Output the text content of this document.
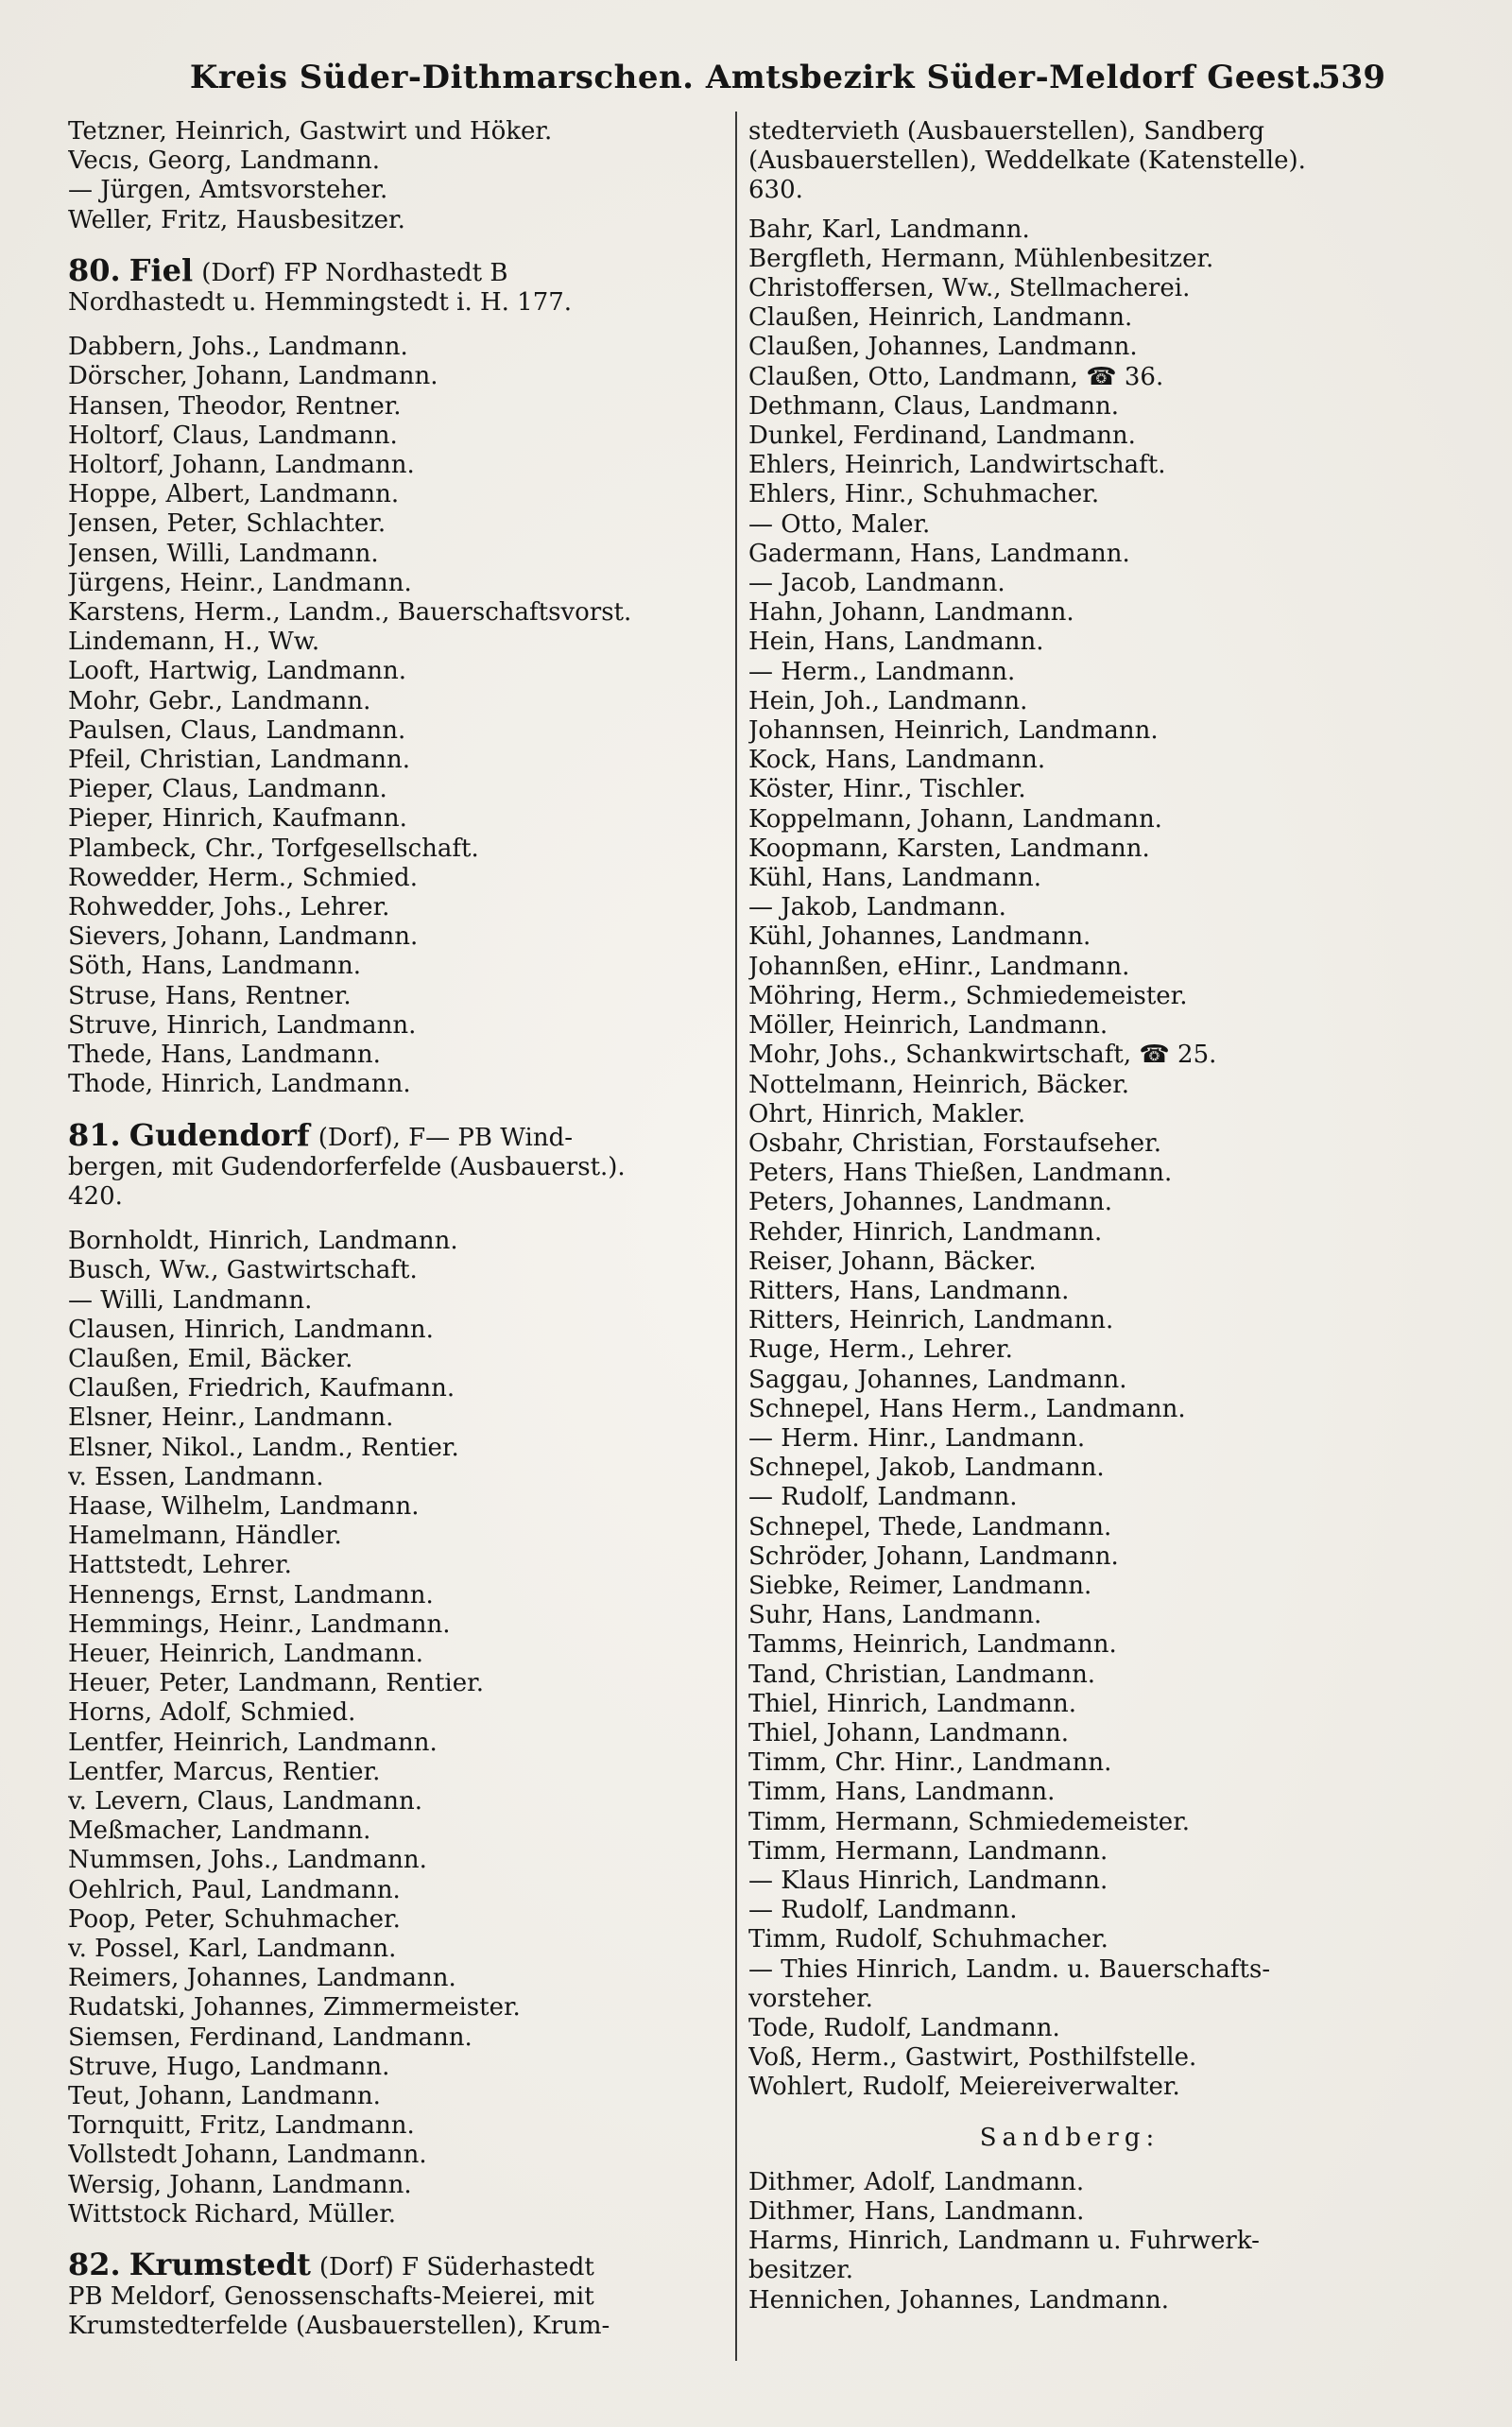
Kreis Süder-Dithmarschen. Amtsbezirk Süder-Meldorf Geest.
539
Tetzner, Heinrich, Gastwirt und Höker.
Vecıs, Georg, Landmann.
— Jürgen, Amtsvorsteher.
Weller, Fritz, Hausbesitzer.
80. Fiel (Dorf) FP Nordhastedt B
Nordhastedt u. Hemmingstedt i. H. 177.
Dabbern, Johs., Landmann.
Dörscher, Johann, Landmann.
Hansen, Theodor, Rentner.
Holtorf, Claus, Landmann.
Holtorf, Johann, Landmann.
Hoppe, Albert, Landmann.
Jensen, Peter, Schlachter.
Jensen, Willi, Landmann.
Jürgens, Heinr., Landmann.
Karstens, Herm., Landm., Bauerschaftsvorst.
Lindemann, H., Ww.
Looft, Hartwig, Landmann.
Mohr, Gebr., Landmann.
Paulsen, Claus, Landmann.
Pfeil, Christian, Landmann.
Pieper, Claus, Landmann.
Pieper, Hinrich, Kaufmann.
Plambeck, Chr., Torfgesellschaft.
Rowedder, Herm., Schmied.
Rohwedder, Johs., Lehrer.
Sievers, Johann, Landmann.
Söth, Hans, Landmann.
Struse, Hans, Rentner.
Struve, Hinrich, Landmann.
Thede, Hans, Landmann.
Thode, Hinrich, Landmann.
81. Gudendorf (Dorf), F— PB Wind-
bergen, mit Gudendorferfelde (Ausbauerst.).
420.
Bornholdt, Hinrich, Landmann.
Busch, Ww., Gastwirtschaft.
— Willi, Landmann.
Clausen, Hinrich, Landmann.
Claußen, Emil, Bäcker.
Claußen, Friedrich, Kaufmann.
Elsner, Heinr., Landmann.
Elsner, Nikol., Landm., Rentier.
v. Essen, Landmann.
Haase, Wilhelm, Landmann.
Hamelmann, Händler.
Hattstedt, Lehrer.
Hennengs, Ernst, Landmann.
Hemmings, Heinr., Landmann.
Heuer, Heinrich, Landmann.
Heuer, Peter, Landmann, Rentier.
Horns, Adolf, Schmied.
Lentfer, Heinrich, Landmann.
Lentfer, Marcus, Rentier.
v. Levern, Claus, Landmann.
Meßmacher, Landmann.
Nummsen, Johs., Landmann.
Oehlrich, Paul, Landmann.
Poop, Peter, Schuhmacher.
v. Possel, Karl, Landmann.
Reimers, Johannes, Landmann.
Rudatski, Johannes, Zimmermeister.
Siemsen, Ferdinand, Landmann.
Struve, Hugo, Landmann.
Teut, Johann, Landmann.
Tornquitt, Fritz, Landmann.
Vollstedt Johann, Landmann.
Wersig, Johann, Landmann.
Wittstock Richard, Müller.
82. Krumstedt (Dorf) F Süderhastedt
PB Meldorf, Genossenschafts-Meierei, mit
Krumstedterfelde (Ausbauerstellen), Krum-
stedtervieth (Ausbauerstellen), Sandberg
(Ausbauerstellen), Weddelkate (Katenstelle).
630.
Bahr, Karl, Landmann.
Bergfleth, Hermann, Mühlenbesitzer.
Christoffersen, Ww., Stellmacherei.
Claußen, Heinrich, Landmann.
Claußen, Johannes, Landmann.
Claußen, Otto, Landmann, ☎ 36.
Dethmann, Claus, Landmann.
Dunkel, Ferdinand, Landmann.
Ehlers, Heinrich, Landwirtschaft.
Ehlers, Hinr., Schuhmacher.
— Otto, Maler.
Gadermann, Hans, Landmann.
— Jacob, Landmann.
Hahn, Johann, Landmann.
Hein, Hans, Landmann.
— Herm., Landmann.
Hein, Joh., Landmann.
Johannsen, Heinrich, Landmann.
Kock, Hans, Landmann.
Köster, Hinr., Tischler.
Koppelmann, Johann, Landmann.
Koopmann, Karsten, Landmann.
Kühl, Hans, Landmann.
— Jakob, Landmann.
Kühl, Johannes, Landmann.
Johannßen, eHinr., Landmann.
Möhring, Herm., Schmiedemeister.
Möller, Heinrich, Landmann.
Mohr, Johs., Schankwirtschaft, ☎ 25.
Nottelmann, Heinrich, Bäcker.
Ohrt, Hinrich, Makler.
Osbahr, Christian, Forstaufseher.
Peters, Hans Thießen, Landmann.
Peters, Johannes, Landmann.
Rehder, Hinrich, Landmann.
Reiser, Johann, Bäcker.
Ritters, Hans, Landmann.
Ritters, Heinrich, Landmann.
Ruge, Herm., Lehrer.
Saggau, Johannes, Landmann.
Schnepel, Hans Herm., Landmann.
— Herm. Hinr., Landmann.
Schnepel, Jakob, Landmann.
— Rudolf, Landmann.
Schnepel, Thede, Landmann.
Schröder, Johann, Landmann.
Siebke, Reimer, Landmann.
Suhr, Hans, Landmann.
Tamms, Heinrich, Landmann.
Tand, Christian, Landmann.
Thiel, Hinrich, Landmann.
Thiel, Johann, Landmann.
Timm, Chr. Hinr., Landmann.
Timm, Hans, Landmann.
Timm, Hermann, Schmiedemeister.
Timm, Hermann, Landmann.
— Klaus Hinrich, Landmann.
— Rudolf, Landmann.
Timm, Rudolf, Schuhmacher.
— Thies Hinrich, Landm. u. Bauerschafts-
vorsteher.
Tode, Rudolf, Landmann.
Voß, Herm., Gastwirt, Posthilfstelle.
Wohlert, Rudolf, Meiereiverwalter.
Sandberg:
Dithmer, Adolf, Landmann.
Dithmer, Hans, Landmann.
Harms, Hinrich, Landmann u. Fuhrwerk-
besitzer.
Hennichen, Johannes, Landmann.
